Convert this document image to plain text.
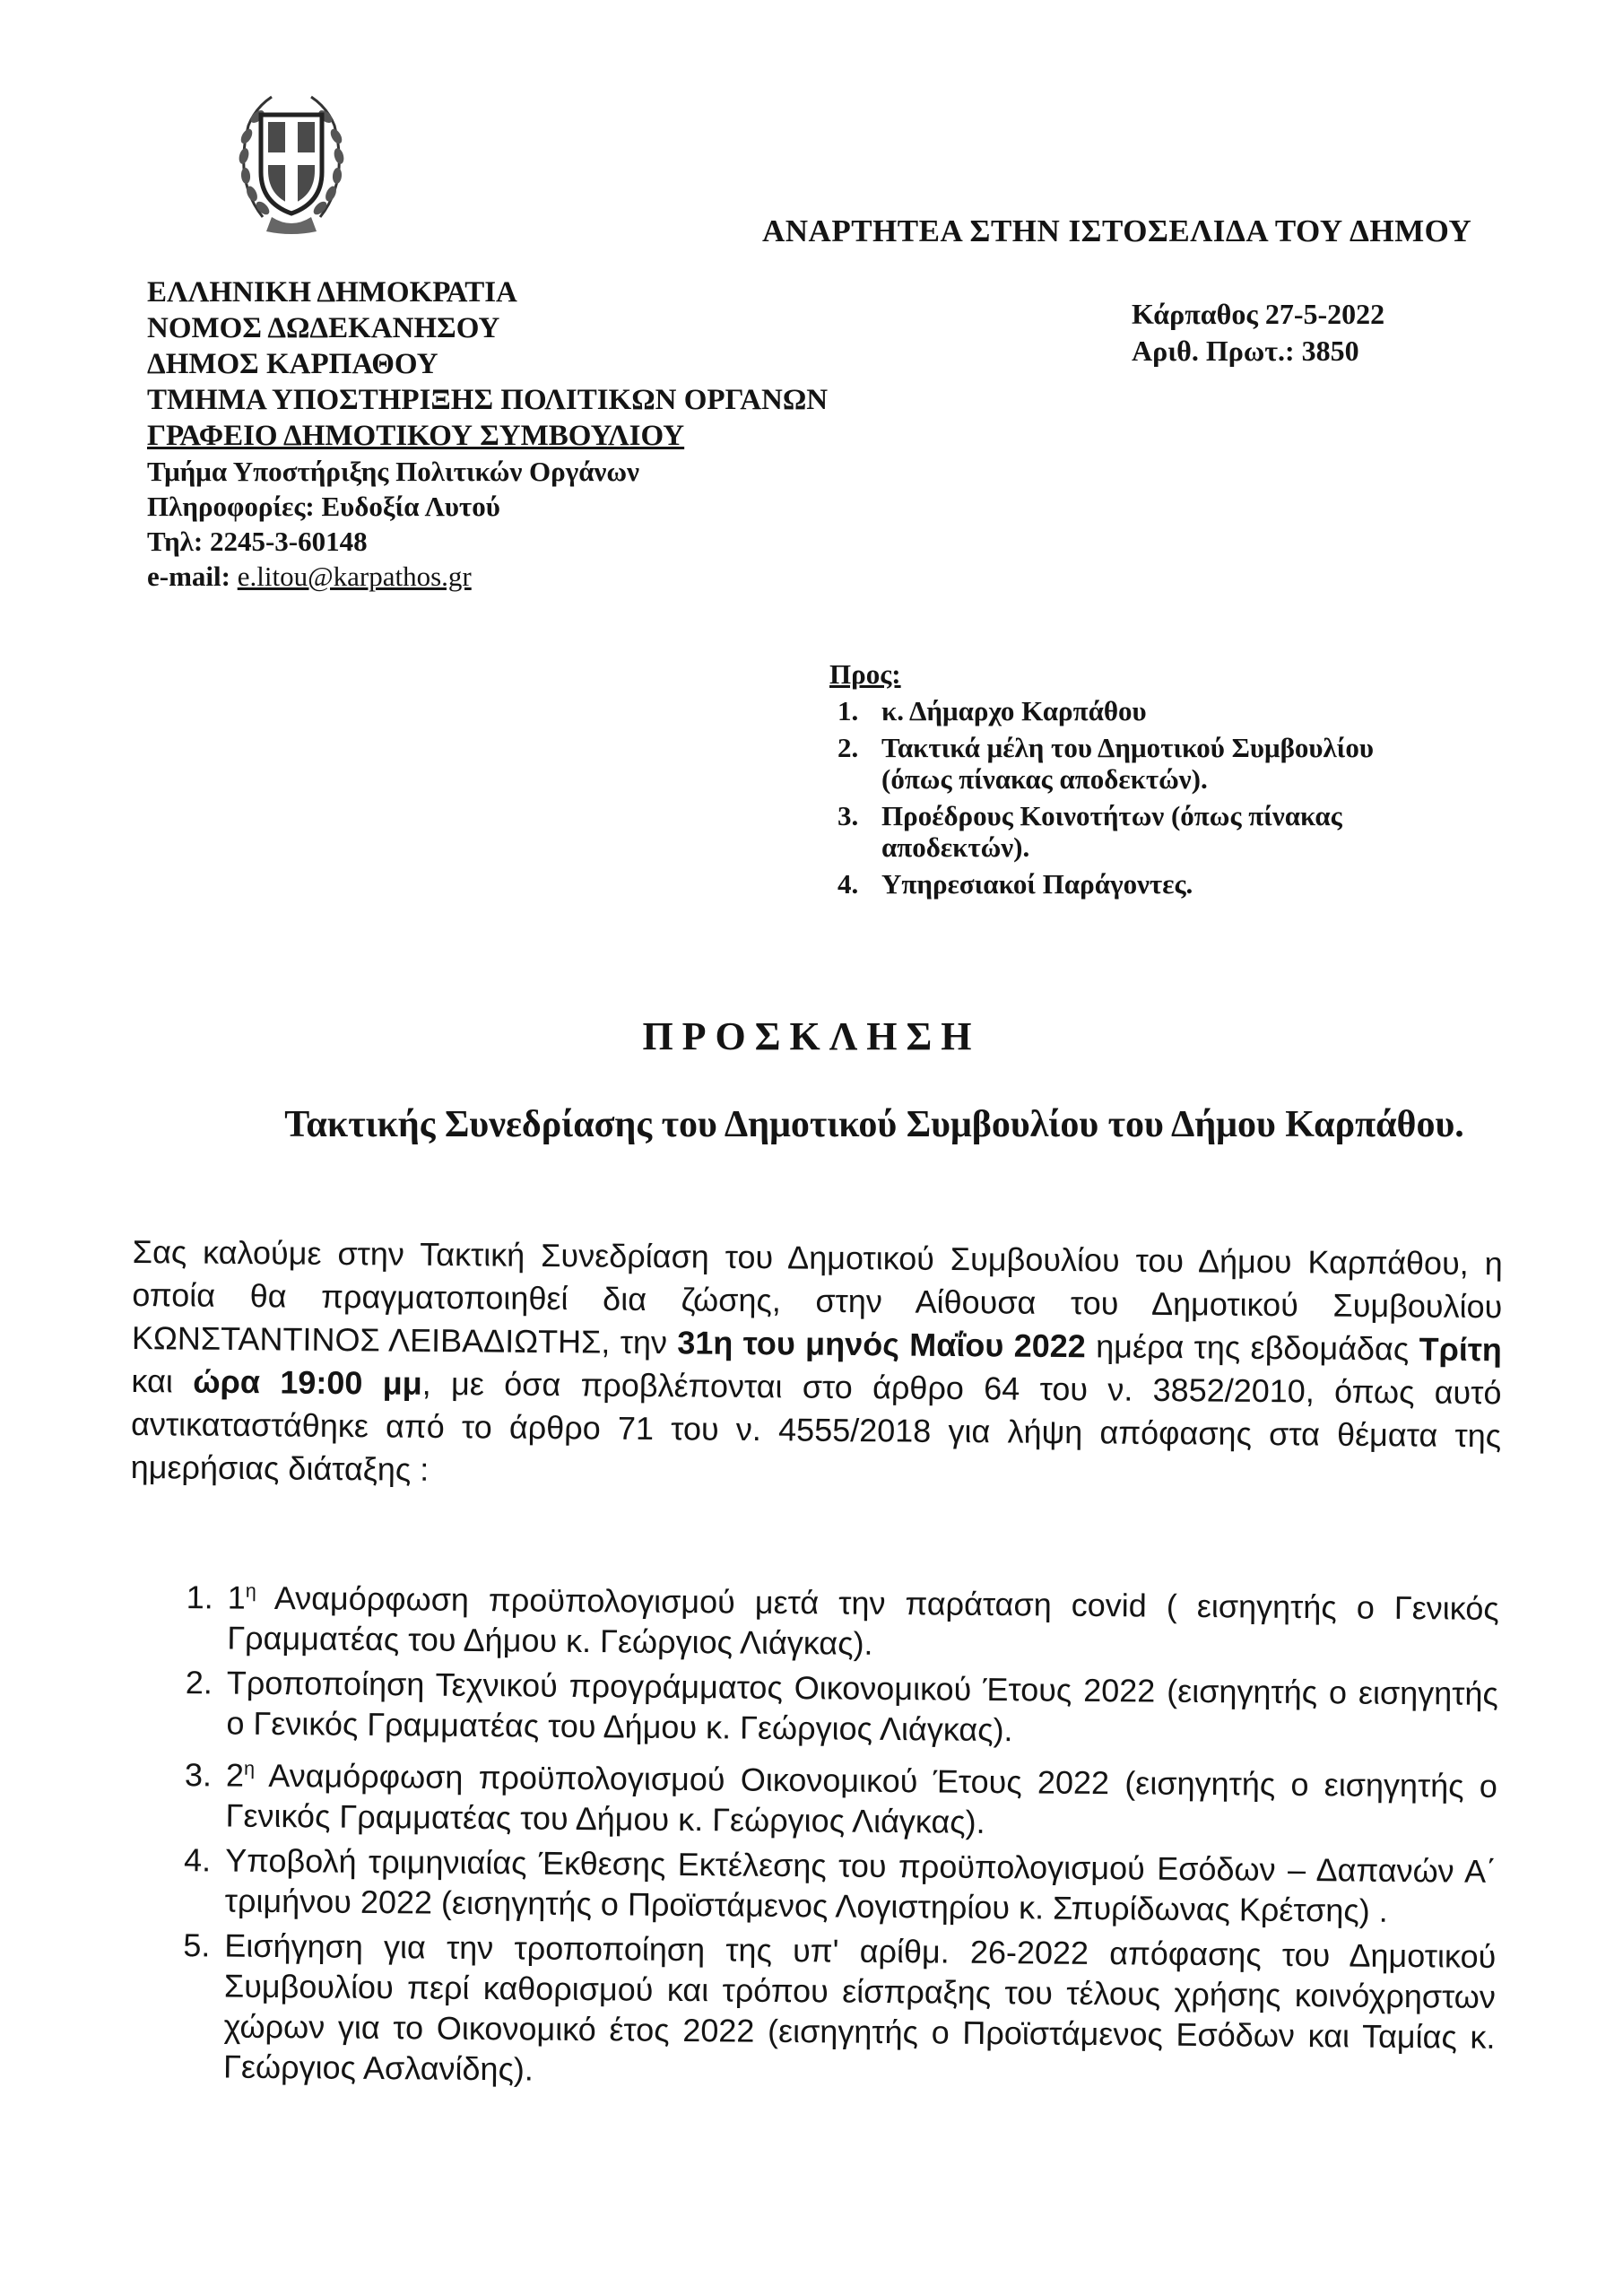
ΑΝΑΡΤΗΤΕΑ ΣΤΗΝ ΙΣΤΟΣΕΛΙΔΑ ΤΟΥ ΔΗΜΟΥ
ΕΛΛΗΝΙΚΗ ΔΗΜΟΚΡΑΤΙΑ
ΝΟΜΟΣ ΔΩΔΕΚΑΝΗΣΟΥ
ΔΗΜΟΣ ΚΑΡΠΑΘΟΥ
ΤΜΗΜΑ ΥΠΟΣΤΗΡΙΞΗΣ ΠΟΛΙΤΙΚΩΝ ΟΡΓΑΝΩΝ
ΓΡΑΦΕΙΟ ΔΗΜΟΤΙΚΟΥ ΣΥΜΒΟΥΛΙΟΥ
Τμήμα Υποστήριξης Πολιτικών Οργάνων
Πληροφορίες: Ευδοξία Λυτού
Τηλ: 2245-3-60148
e-mail: e.litou@karpathos.gr
Κάρπαθος 27-5-2022
Αριθ. Πρωτ.: 3850
Προς:
1. κ. Δήμαρχο Καρπάθου
2. Τακτικά μέλη του Δημοτικού Συμβουλίου (όπως πίνακας αποδεκτών).
3. Προέδρους Κοινοτήτων (όπως πίνακας αποδεκτών).
4. Υπηρεσιακοί Παράγοντες.
ΠΡΟΣΚΛΗΣΗ
Τακτικής Συνεδρίασης του Δημοτικού Συμβουλίου του Δήμου Καρπάθου.
Σας καλούμε στην Τακτική Συνεδρίαση του Δημοτικού Συμβουλίου του Δήμου Καρπάθου, η οποία θα πραγματοποιηθεί δια ζώσης, στην Αίθουσα του Δημοτικού Συμβουλίου ΚΩΝΣΤΑΝΤΙΝΟΣ ΛΕΙΒΑΔΙΩΤΗΣ, την 31η του μηνός Μαΐου 2022 ημέρα της εβδομάδας Τρίτη και ώρα 19:00 μμ, με όσα προβλέπονται στο άρθρο 64 του ν. 3852/2010, όπως αυτό αντικαταστάθηκε από το άρθρο 71 του ν. 4555/2018 για λήψη απόφασης στα θέματα της ημερήσιας διάταξης :
1. $1^\eta$ Αναμόρφωση προϋπολογισμού μετά την παράταση covid ( εισηγητής ο Γενικός Γραμματέας του Δήμου κ. Γεώργιος Λιάγκας).
2. Τροποποίηση Τεχνικού προγράμματος Οικονομικού Έτους 2022 (εισηγητής ο εισηγητής ο Γενικός Γραμματέας του Δήμου κ. Γεώργιος Λιάγκας).
3. $2^\eta$ Αναμόρφωση προϋπολογισμού Οικονομικού Έτους 2022 (εισηγητής ο εισηγητής ο Γενικός Γραμματέας του Δήμου κ. Γεώργιος Λιάγκας).
4. Υποβολή τριμηνιαίας Έκθεσης Εκτέλεσης του προϋπολογισμού Εσόδων – Δαπανών Α΄ τριμήνου 2022 (εισηγητής ο Προϊστάμενος Λογιστηρίου κ. Σπυρίδωνας Κρέτσης) .
5. Εισήγηση για την τροποποίηση της υπ' αρίθμ. 26-2022 απόφασης του Δημοτικού Συμβουλίου περί καθορισμού και τρόπου είσπραξης του τέλους χρήσης κοινόχρηστων χώρων για το Οικονομικό έτος 2022 (εισηγητής ο Προϊστάμενος Εσόδων και Ταμίας κ. Γεώργιος Ασλανίδης).
